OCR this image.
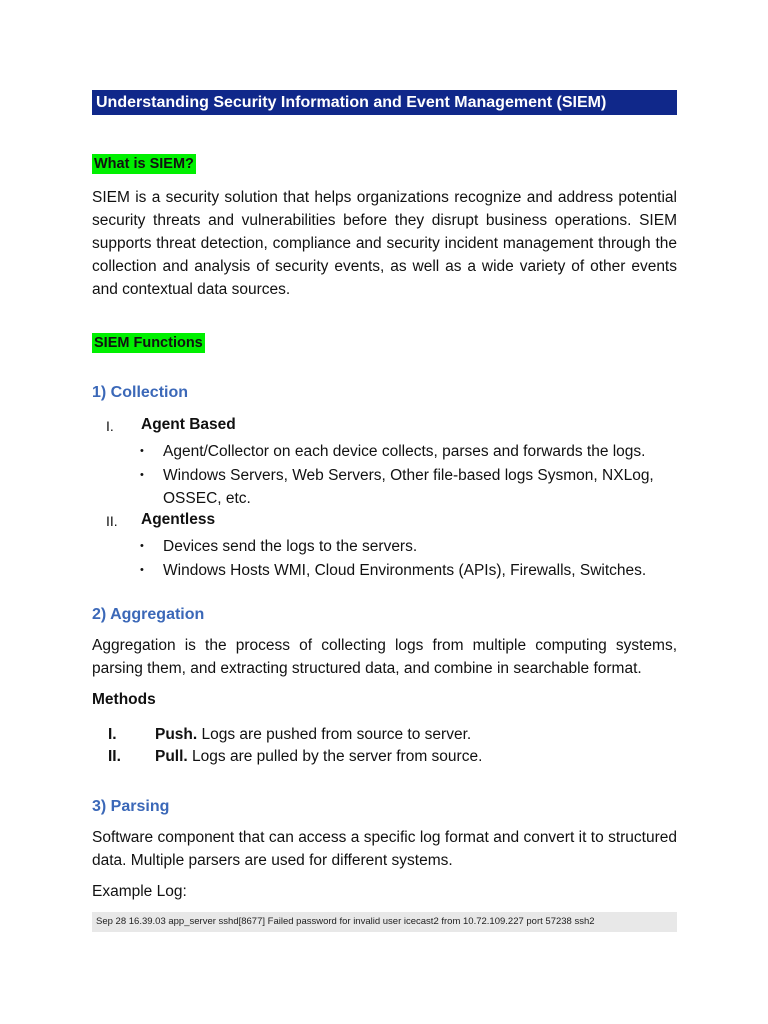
Understanding Security Information and Event Management (SIEM)
What is SIEM?

SIEM is a security solution that helps organizations recognize and address potential security threats and vulnerabilities before they disrupt business operations. SIEM supports threat detection, compliance and security incident management through the collection and analysis of security events, as well as a wide variety of other events and contextual data sources.

SIEM Functions
1) Collection
I. Agent Based
• Agent/Collector on each device collects, parses and forwards the logs.
• Windows Servers, Web Servers, Other file-based logs Sysmon, NXLog, OSSEC, etc.
II. Agentless
• Devices send the logs to the servers.
• Windows Hosts WMI, Cloud Environments (APIs), Firewalls, Switches.
2) Aggregation

Aggregation is the process of collecting logs from multiple computing systems, parsing them, and extracting structured data, and combine in searchable format.

Methods
I. Push. Logs are pushed from source to server.
II. Pull. Logs are pulled by the server from source.
3) Parsing

Software component that can access a specific log format and convert it to structured data. Multiple parsers are used for different systems.

Example Log:
Sep 28 16.39.03 app_server sshd[8677] Failed password for invalid user icecast2 from 10.72.109.227 port 57238 ssh2
